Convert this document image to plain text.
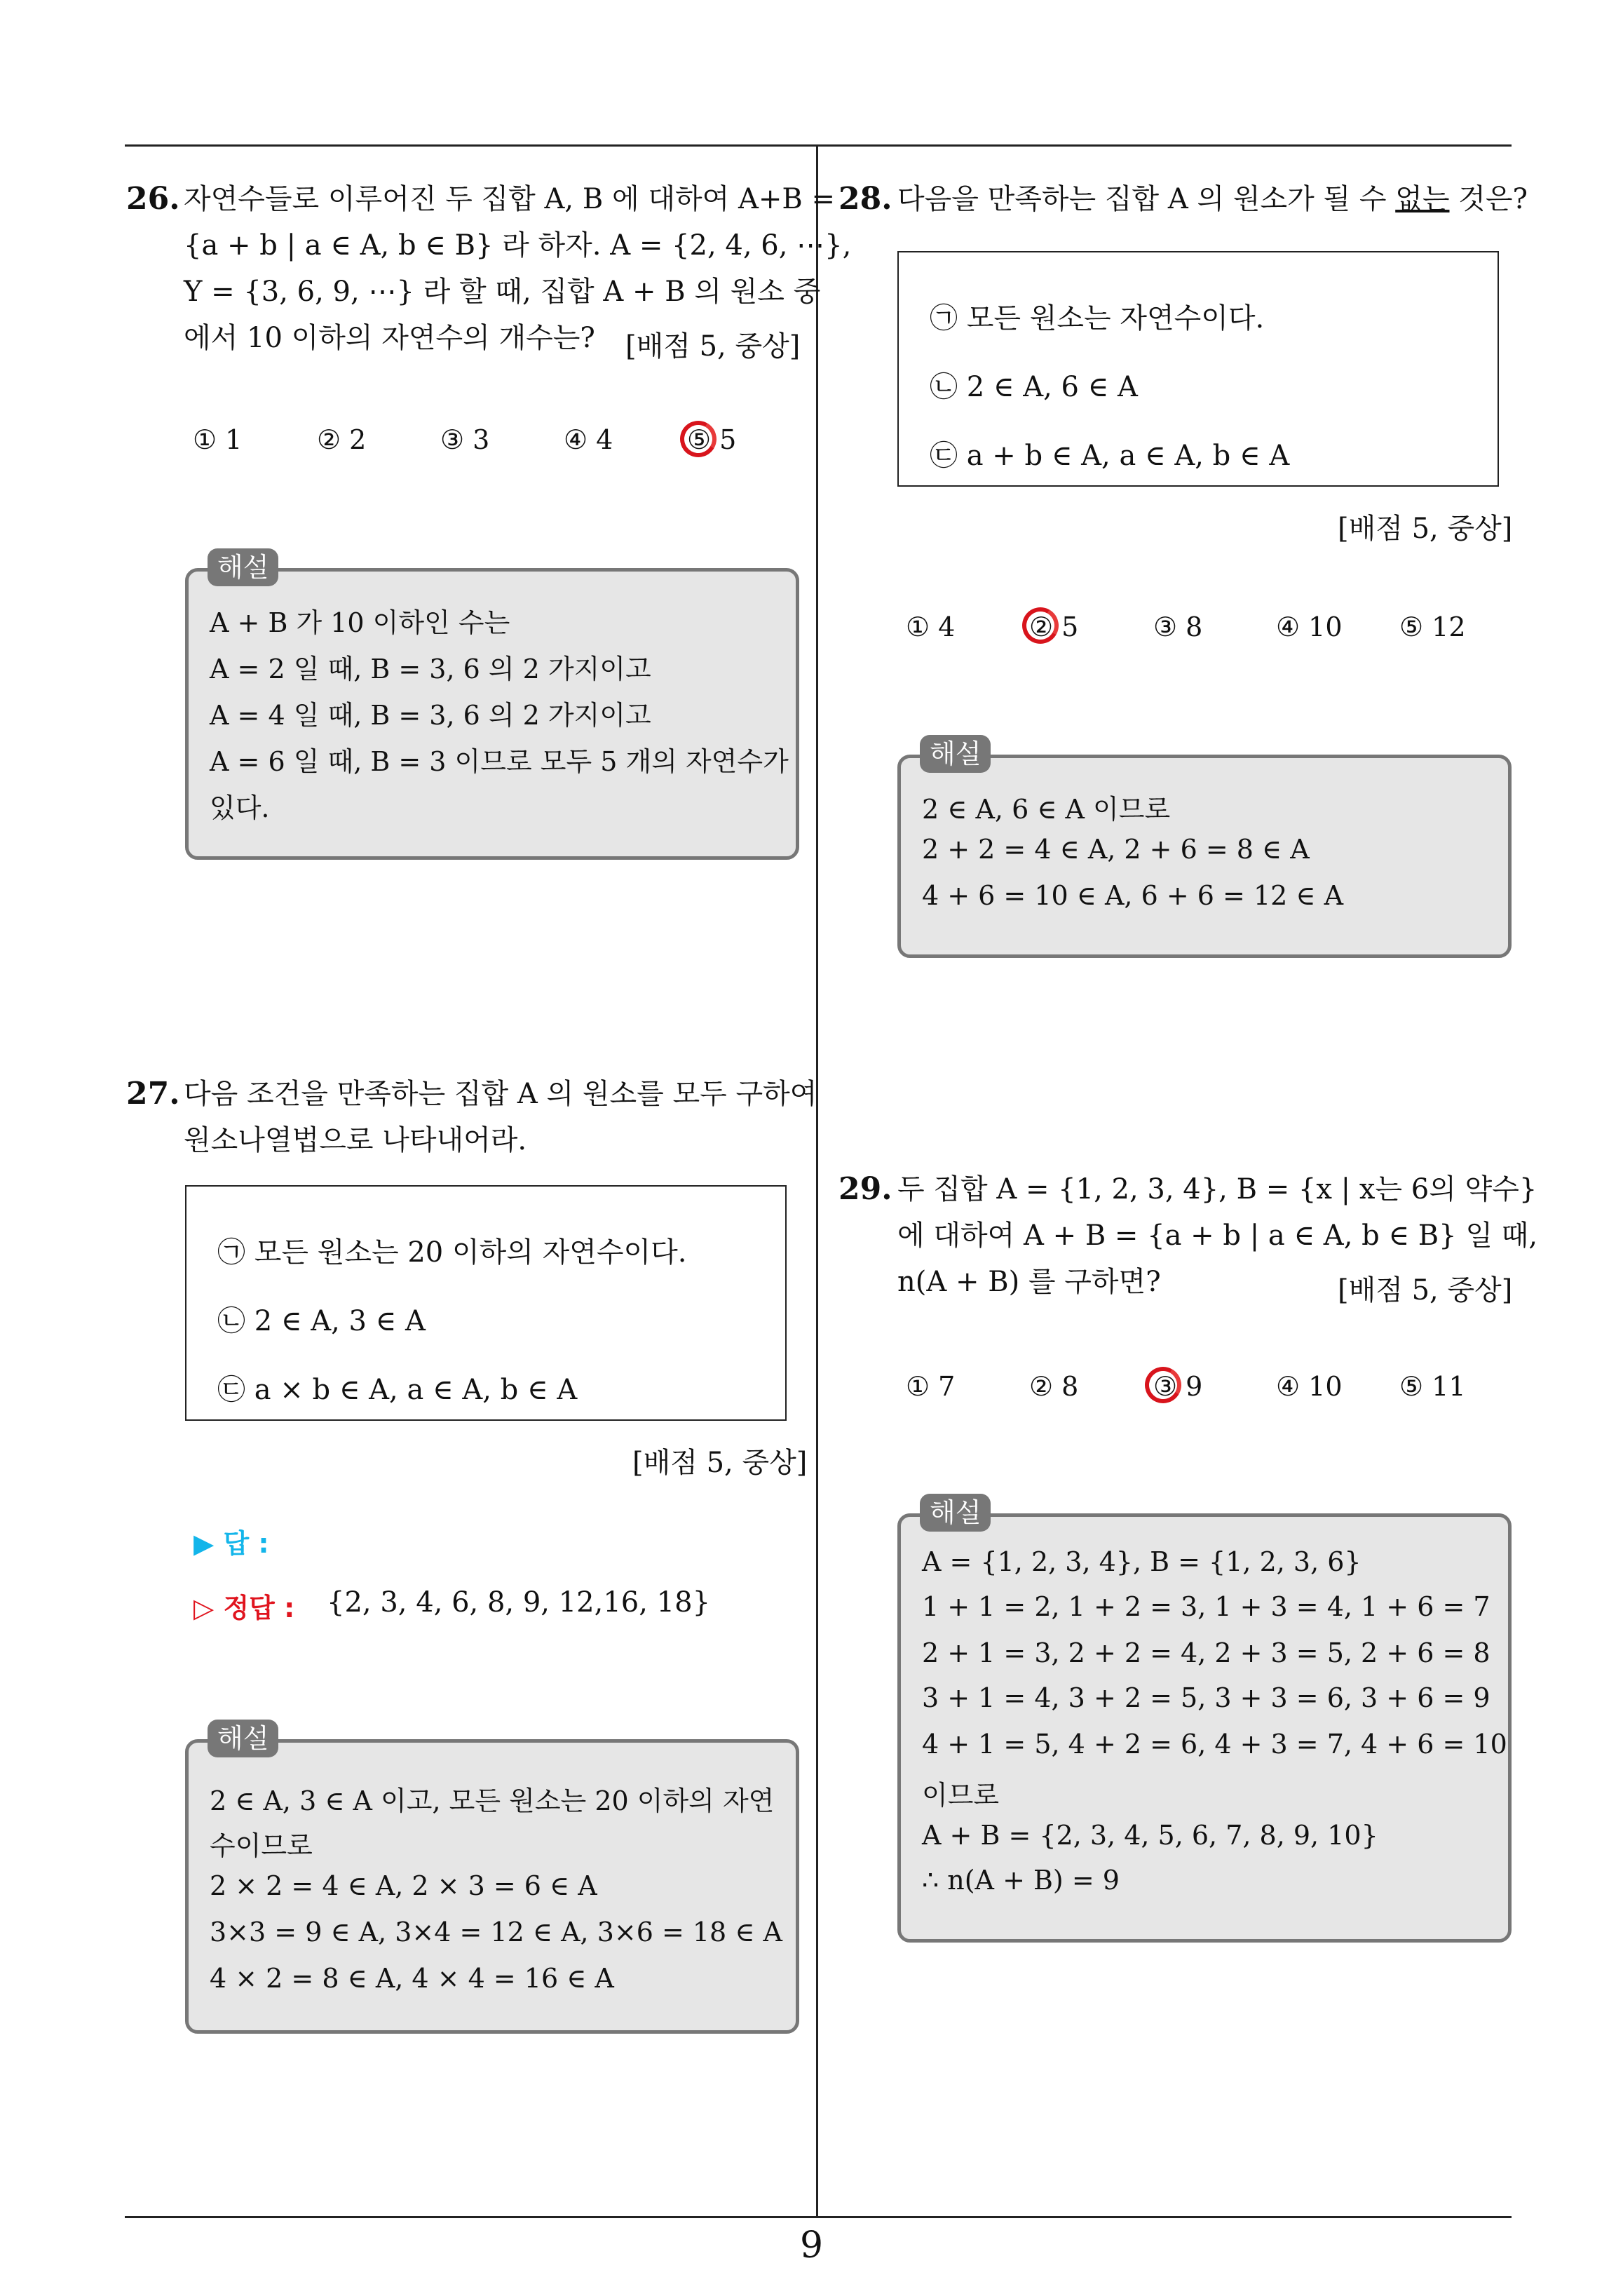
9
26. 자연수들로 이루어진 두 집합 A, B 에 대하여 A+B =
{a + b | a ∈ A, b ∈ B} 라 하자. A = {2, 4, 6, ⋯},
Y = {3, 6, 9, ⋯} 라 할 때, 집합 A + B 의 원소 중
에서 10 이하의 자연수의 개수는? [배점 5, 중상]
① 1	② 2	③ 3	④ 4	⑤ 5
A + B 가 10 이하인 수는
A = 2 일 때, B = 3, 6 의 2 가지이고
A = 4 일 때, B = 3, 6 의 2 가지이고
A = 6 일 때, B = 3 이므로 모두 5 개의 자연수가
있다.
해설
27. 다음 조건을 만족하는 집합 A 의 원소를 모두 구하여
원소나열법으로 나타내어라.
㉠ 모든 원소는 20 이하의 자연수이다.
㉡ 2 ∈ A, 3 ∈ A
㉢ a × b ∈ A, a ∈ A, b ∈ A
[배점 5, 중상]
▶ 답 :
▷ 정답 : {2, 3, 4, 6, 8, 9, 12,16, 18}
2 ∈ A, 3 ∈ A 이고, 모든 원소는 20 이하의 자연
수이므로
2 × 2 = 4 ∈ A, 2 × 3 = 6 ∈ A
3×3 = 9 ∈ A, 3×4 = 12 ∈ A, 3×6 = 18 ∈ A
4 × 2 = 8 ∈ A, 4 × 4 = 16 ∈ A
해설
28. 다음을 만족하는 집합 A 의 원소가 될 수 없는 것은?
㉠ 모든 원소는 자연수이다.
㉡ 2 ∈ A, 6 ∈ A
㉢ a + b ∈ A, a ∈ A, b ∈ A
[배점 5, 중상]
① 4	② 5	③ 8	④ 10 ⑤ 12
2 ∈ A, 6 ∈ A 이므로
2 + 2 = 4 ∈ A, 2 + 6 = 8 ∈ A
4 + 6 = 10 ∈ A, 6 + 6 = 12 ∈ A
해설
29. 두 집합 A = {1, 2, 3, 4}, B = {x | x는 6의 약수}
에 대하여 A + B = {a + b | a ∈ A, b ∈ B} 일 때,
n(A + B) 를 구하면?	[배점 5, 중상]
① 7	② 8	③ 9	④ 10 ⑤ 11
A = {1, 2, 3, 4}, B = {1, 2, 3, 6}
1 + 1 = 2, 1 + 2 = 3, 1 + 3 = 4, 1 + 6 = 7
2 + 1 = 3, 2 + 2 = 4, 2 + 3 = 5, 2 + 6 = 8
3 + 1 = 4, 3 + 2 = 5, 3 + 3 = 6, 3 + 6 = 9
4 + 1 = 5, 4 + 2 = 6, 4 + 3 = 7, 4 + 6 = 10
이므로
A + B = {2, 3, 4, 5, 6, 7, 8, 9, 10}
∴ n(A + B) = 9
해설
